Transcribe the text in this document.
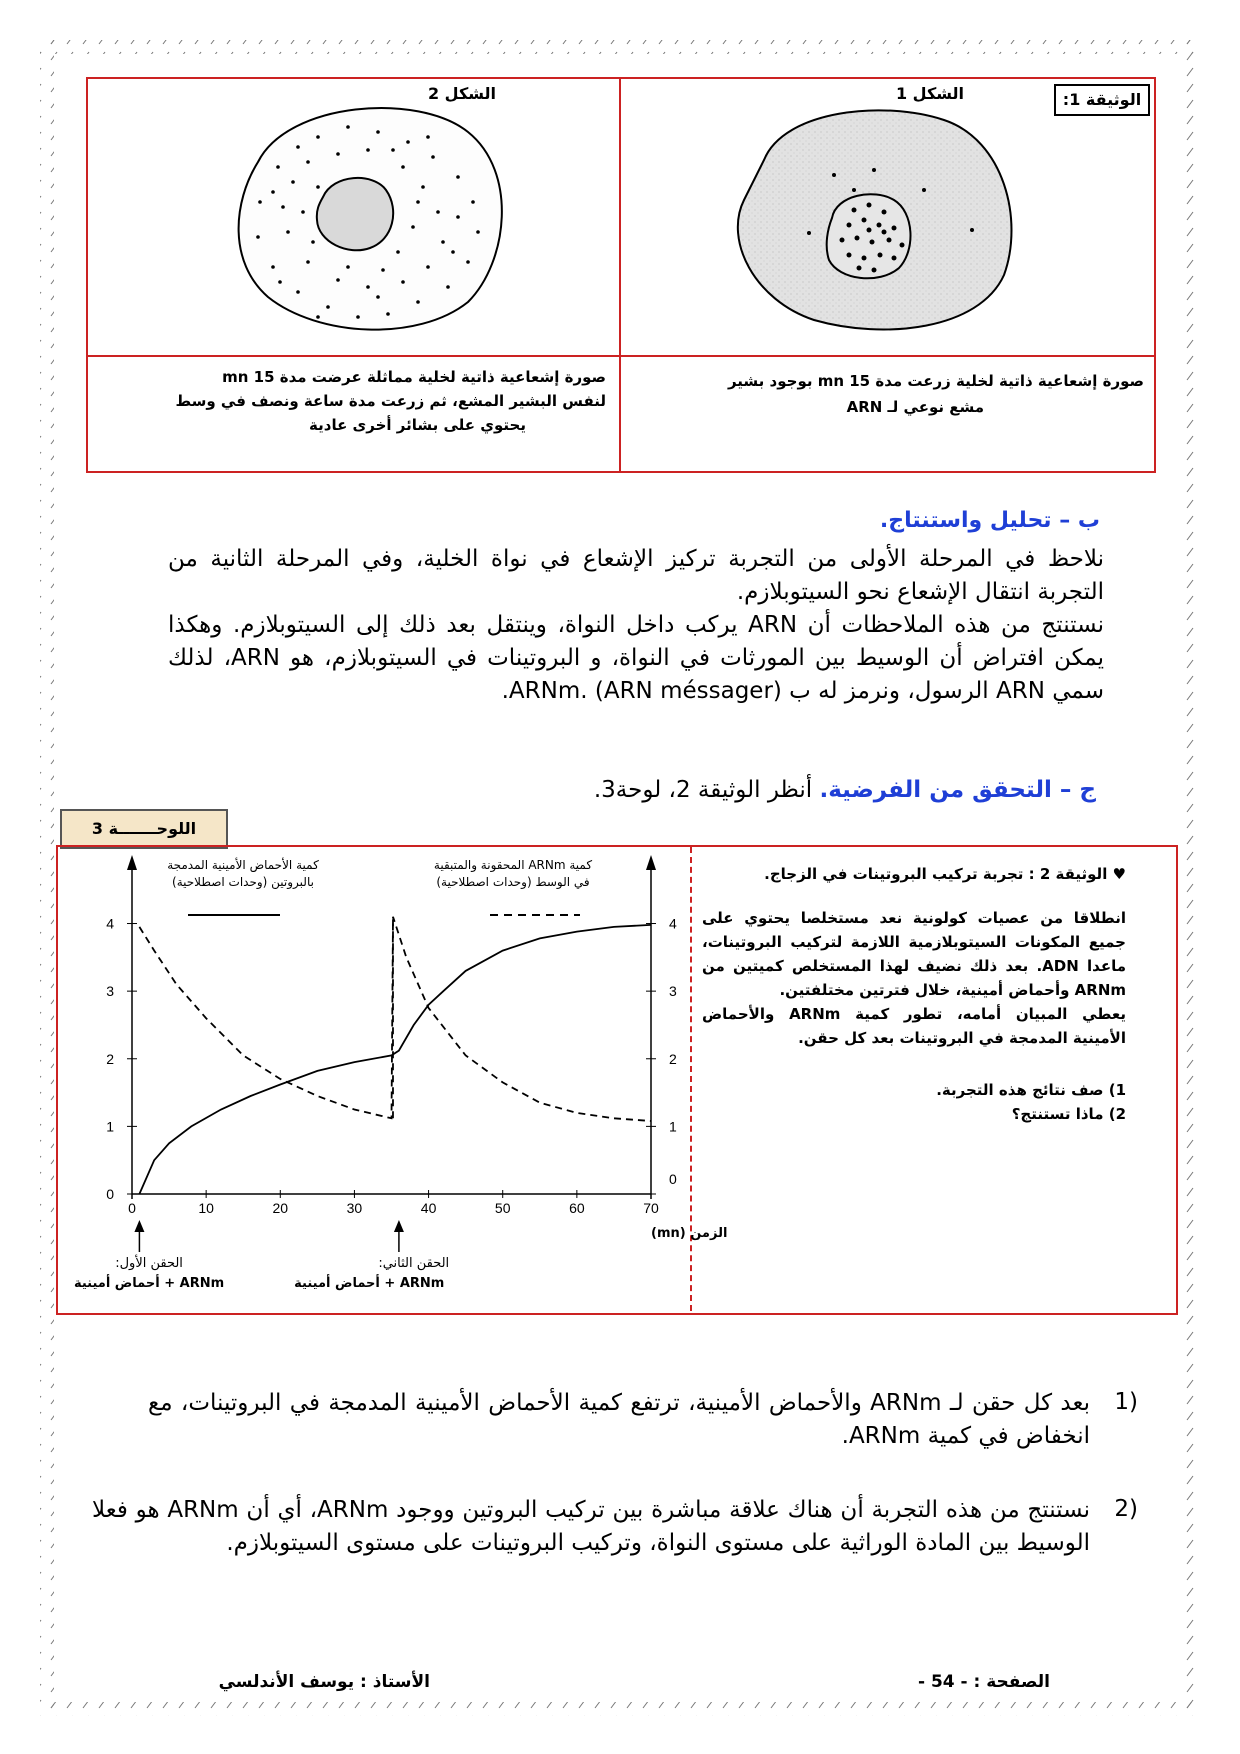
الوثيقة 1:
الشكل 1
الشكل 2
صورة إشعاعية ذاتية لخلية زرعت مدة 15 mn بوجود بشير
مشع نوعي لـ ARN
صورة إشعاعية ذاتية لخلية مماثلة عرضت مدة 15 mn
لنفس البشير المشع، ثم زرعت مدة ساعة ونصف في وسط
يحتوي على بشائر أخرى عادية
ب – تحليل واستنتاج.
نلاحظ في المرحلة الأولى من التجربة تركيز الإشعاع في نواة الخلية، وفي المرحلة الثانية من التجربة انتقال الإشعاع نحو السيتوبلازم.
نستنتج من هذه الملاحظات أن ARN يركب داخل النواة، وينتقل بعد ذلك إلى السيتوبلازم. وهكذا يمكن افتراض أن الوسيط بين المورثات في النواة، و البروتينات في السيتوبلازم، هو ARN، لذلك سمي ARN الرسول، ونرمز له ب ARNm. (ARN méssager).
ج – التحقق من الفرضية. أنظر الوثيقة 2، لوحة3.
اللوحـــــــة 3
♥ الوثيقة 2 : تجربة تركيب البروتينات في الزجاج.
انطلاقا من عصيات كولونية نعد مستخلصا يحتوي على جميع المكونات السيتوبلازمية اللازمة لتركيب البروتينات، ماعدا ADN. بعد ذلك نضيف لهذا المستخلص كميتين من ARNm وأحماض أمينية، خلال فترتين مختلفتين.
يعطي المبيان أمامه، تطور كمية ARNm والأحماض الأمينية المدمجة في البروتينات بعد كل حقن.
1) صف نتائج هذه التجربة.
2) ماذا تستنتج؟
0
1
2
3
4
0
1
2
3
4
0	10	20	30	40	50	60	70
الزمن (mn)
كمية الأحماض الأمينية المدمجة بالبروتين (وحدات اصطلاحية)
كمية ARNm المحقونة والمتبقية في الوسط (وحدات اصطلاحية)
الحقن الأول:
ARNm + أحماض أمينية
الحقن الثاني:
ARNm + أحماض أمينية
1)
بعد كل حقن لـ ARNm والأحماض الأمينية، ترتفع كمية الأحماض الأمينية المدمجة في البروتينات، مع انخفاض في كمية ARNm.
2)
نستنتج من هذه التجربة أن هناك علاقة مباشرة بين تركيب البروتين ووجود ARNm، أي أن ARNm هو فعلا الوسيط بين المادة الوراثية على مستوى النواة، وتركيب البروتينات على مستوى السيتوبلازم.
الصفحة : - 54 -
الأستاذ : يوسف الأندلسي
